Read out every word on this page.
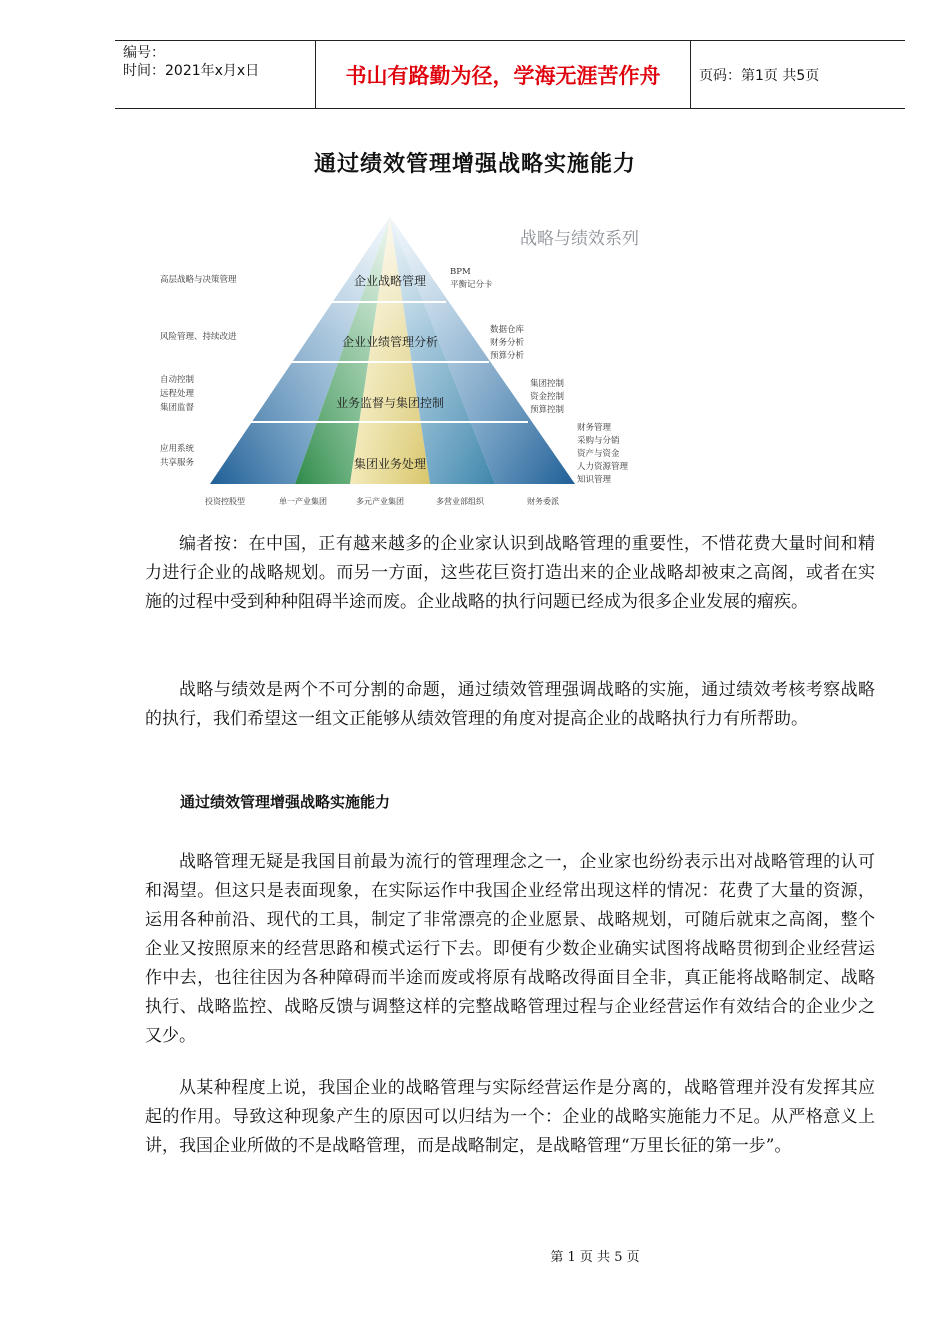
编号：
时间：2021年x月x日	书山有路勤为径，学海无涯苦作舟	页码：第1页 共5页
通过绩效管理增强战略实施能力
战略与绩效系列
企业战略管理
企业业绩管理分析
业务监督与集团控制
集团业务处理
高层战略与决策管理
风险管理、持续改进
自动控制
远程处理
集团监督
应用系统
共享服务
BPM
平衡记分卡
数据仓库
财务分析
预算分析
集团控制
资金控制
预算控制
财务管理
采购与分销
资产与资金
人力资源管理
知识管理
投资控股型	单一产业集团	多元产业集团	多营业部组织	财务委派

编者按：在中国，正有越来越多的企业家认识到战略管理的重要性，不惜花费大量时间和精力进行企业的战略规划。而另一方面，这些花巨资打造出来的企业战略却被束之高阁，或者在实施的过程中受到种种阻碍半途而废。企业战略的执行问题已经成为很多企业发展的瘤疾。

战略与绩效是两个不可分割的命题，通过绩效管理强调战略的实施，通过绩效考核考察战略的执行，我们希望这一组文正能够从绩效管理的角度对提高企业的战略执行力有所帮助。

通过绩效管理增强战略实施能力

战略管理无疑是我国目前最为流行的管理理念之一，企业家也纷纷表示出对战略管理的认可和渴望。但这只是表面现象，在实际运作中我国企业经常出现这样的情况：花费了大量的资源，运用各种前沿、现代的工具，制定了非常漂亮的企业愿景、战略规划，可随后就束之高阁，整个企业又按照原来的经营思路和模式运行下去。即便有少数企业确实试图将战略贯彻到企业经营运作中去，也往往因为各种障碍而半途而废或将原有战略改得面目全非，真正能将战略制定、战略执行、战略监控、战略反馈与调整这样的完整战略管理过程与企业经营运作有效结合的企业少之又少。

从某种程度上说，我国企业的战略管理与实际经营运作是分离的，战略管理并没有发挥其应起的作用。导致这种现象产生的原因可以归结为一个：企业的战略实施能力不足。从严格意义上讲，我国企业所做的不是战略管理，而是战略制定，是战略管理“万里长征的第一步”。

第 1 页 共 5 页
